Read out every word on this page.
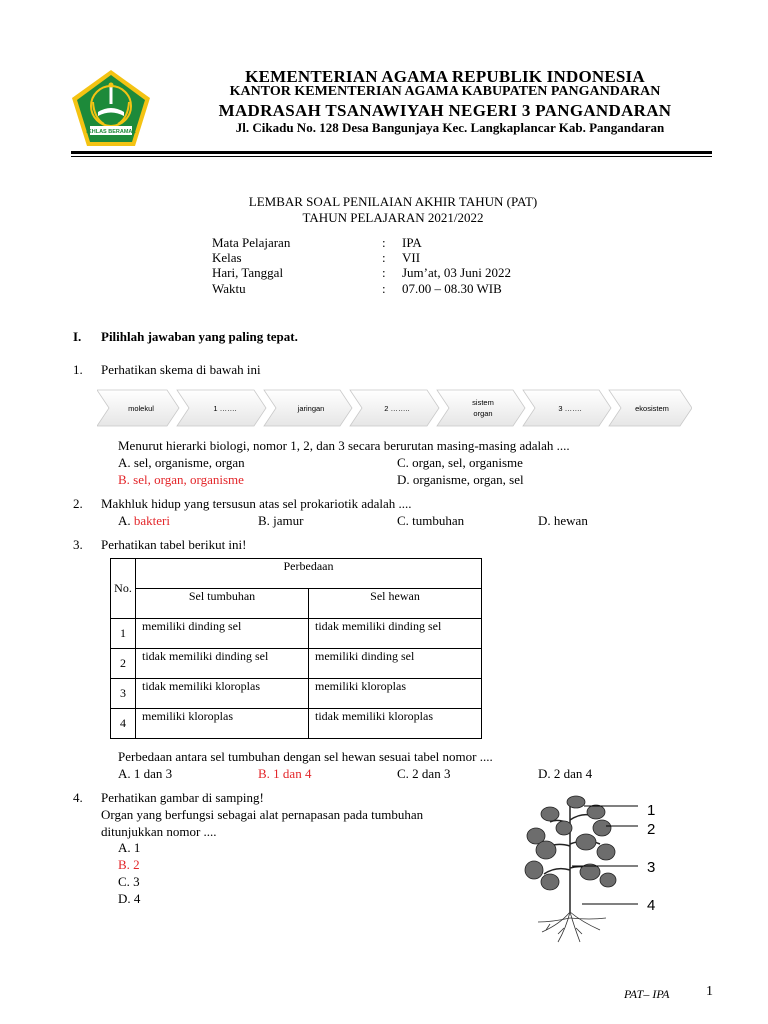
IKHLAS BERAMAL
KEMENTERIAN AGAMA REPUBLIK INDONESIA
KANTOR KEMENTERIAN AGAMA KABUPATEN PANGANDARAN
MADRASAH TSANAWIYAH NEGERI 3 PANGANDARAN
Jl. Cikadu No. 128 Desa Bangunjaya Kec. Langkaplancar Kab. Pangandaran
LEMBAR SOAL PENILAIAN AKHIR TAHUN (PAT)
TAHUN PELAJARAN 2021/2022
Mata Pelajaran	:	IPA
Kelas	:	VII
Hari, Tanggal	:	Jum’at, 03 Juni 2022
Waktu	:	07.00 – 08.30 WIB
I. Pilihlah jawaban yang paling tepat.
1. Perhatikan skema di bawah ini
molekul	1 …….	jaringan	2 ……..
sistem
organ
3 …….	ekosistem
Menurut hierarki biologi, nomor 1, 2, dan 3 secara berurutan masing-masing adalah ....
A. sel, organisme, organ	C. organ, sel, organisme
B. sel, organ, organisme	D. organisme, organ, sel
2. Makhluk hidup yang tersusun atas sel prokariotik adalah ....
A. bakteri	B. jamur	C. tumbuhan	D. hewan
3. Perhatikan tabel berikut ini!
No.	Perbedaan	
	Sel tumbuhan	Sel hewan
1	memiliki dinding sel	tidak memiliki dinding sel
2	tidak memiliki dinding sel	memiliki dinding sel
3	tidak memiliki kloroplas	memiliki kloroplas
4	memiliki kloroplas	tidak memiliki kloroplas
Perbedaan antara sel tumbuhan dengan sel hewan sesuai tabel nomor ....
A. 1 dan 3	B. 1 dan 4	C. 2 dan 3	D. 2 dan 4
4. Perhatikan gambar di samping!
Organ yang berfungsi sebagai alat pernapasan pada tumbuhan
ditunjukkan nomor ....
A. 1
B. 2
C. 3
D. 4
1
2
3
4
PAT– IPA	1
